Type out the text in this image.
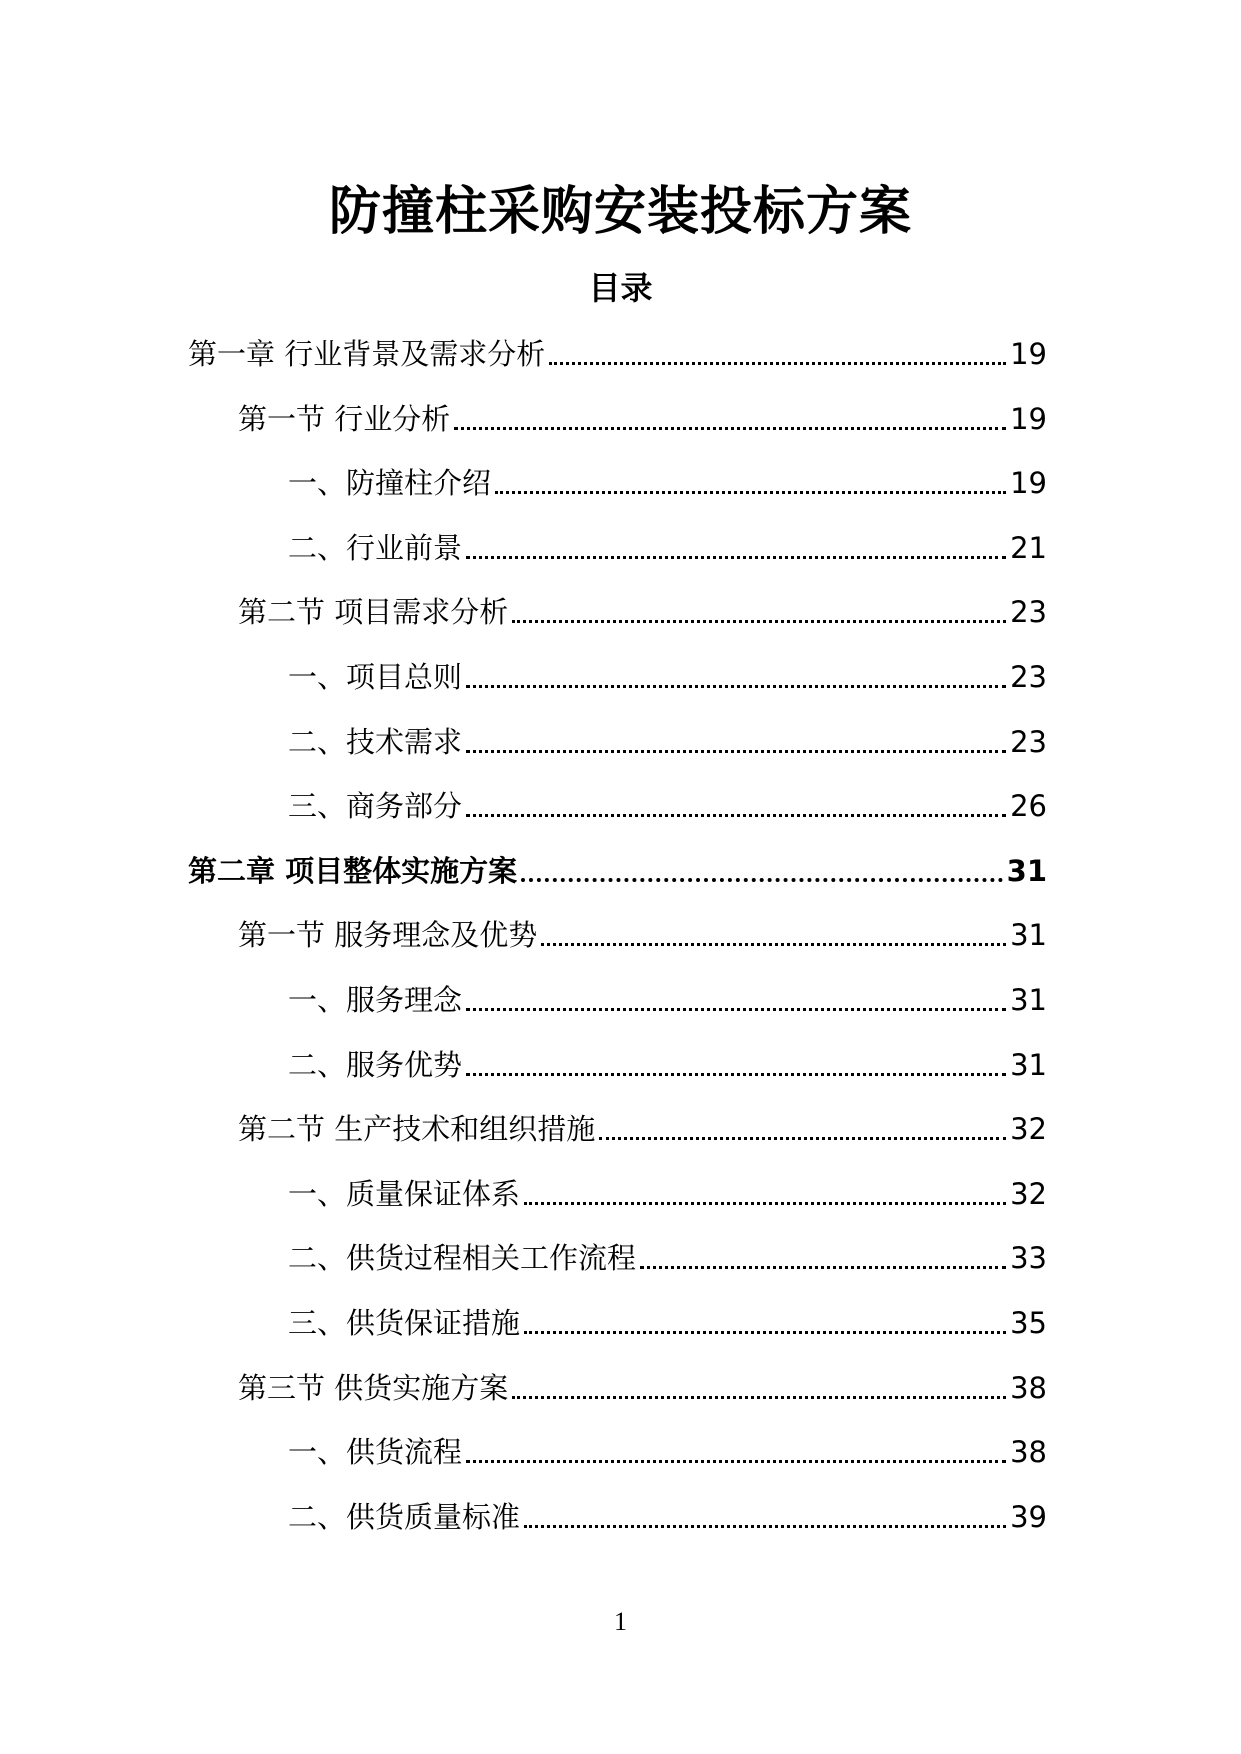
防撞柱采购安装投标方案
目录
第一章 行业背景及需求分析	19
第一节 行业分析	19
一、防撞柱介绍	19
二、行业前景	21
第二节 项目需求分析	23
一、项目总则	23
二、技术需求	23
三、商务部分	26
第二章 项目整体实施方案	31
第一节 服务理念及优势	31
一、服务理念	31
二、服务优势	31
第二节 生产技术和组织措施	32
一、质量保证体系	32
二、供货过程相关工作流程	33
三、供货保证措施	35
第三节 供货实施方案	38
一、供货流程	38
二、供货质量标准	39
1
